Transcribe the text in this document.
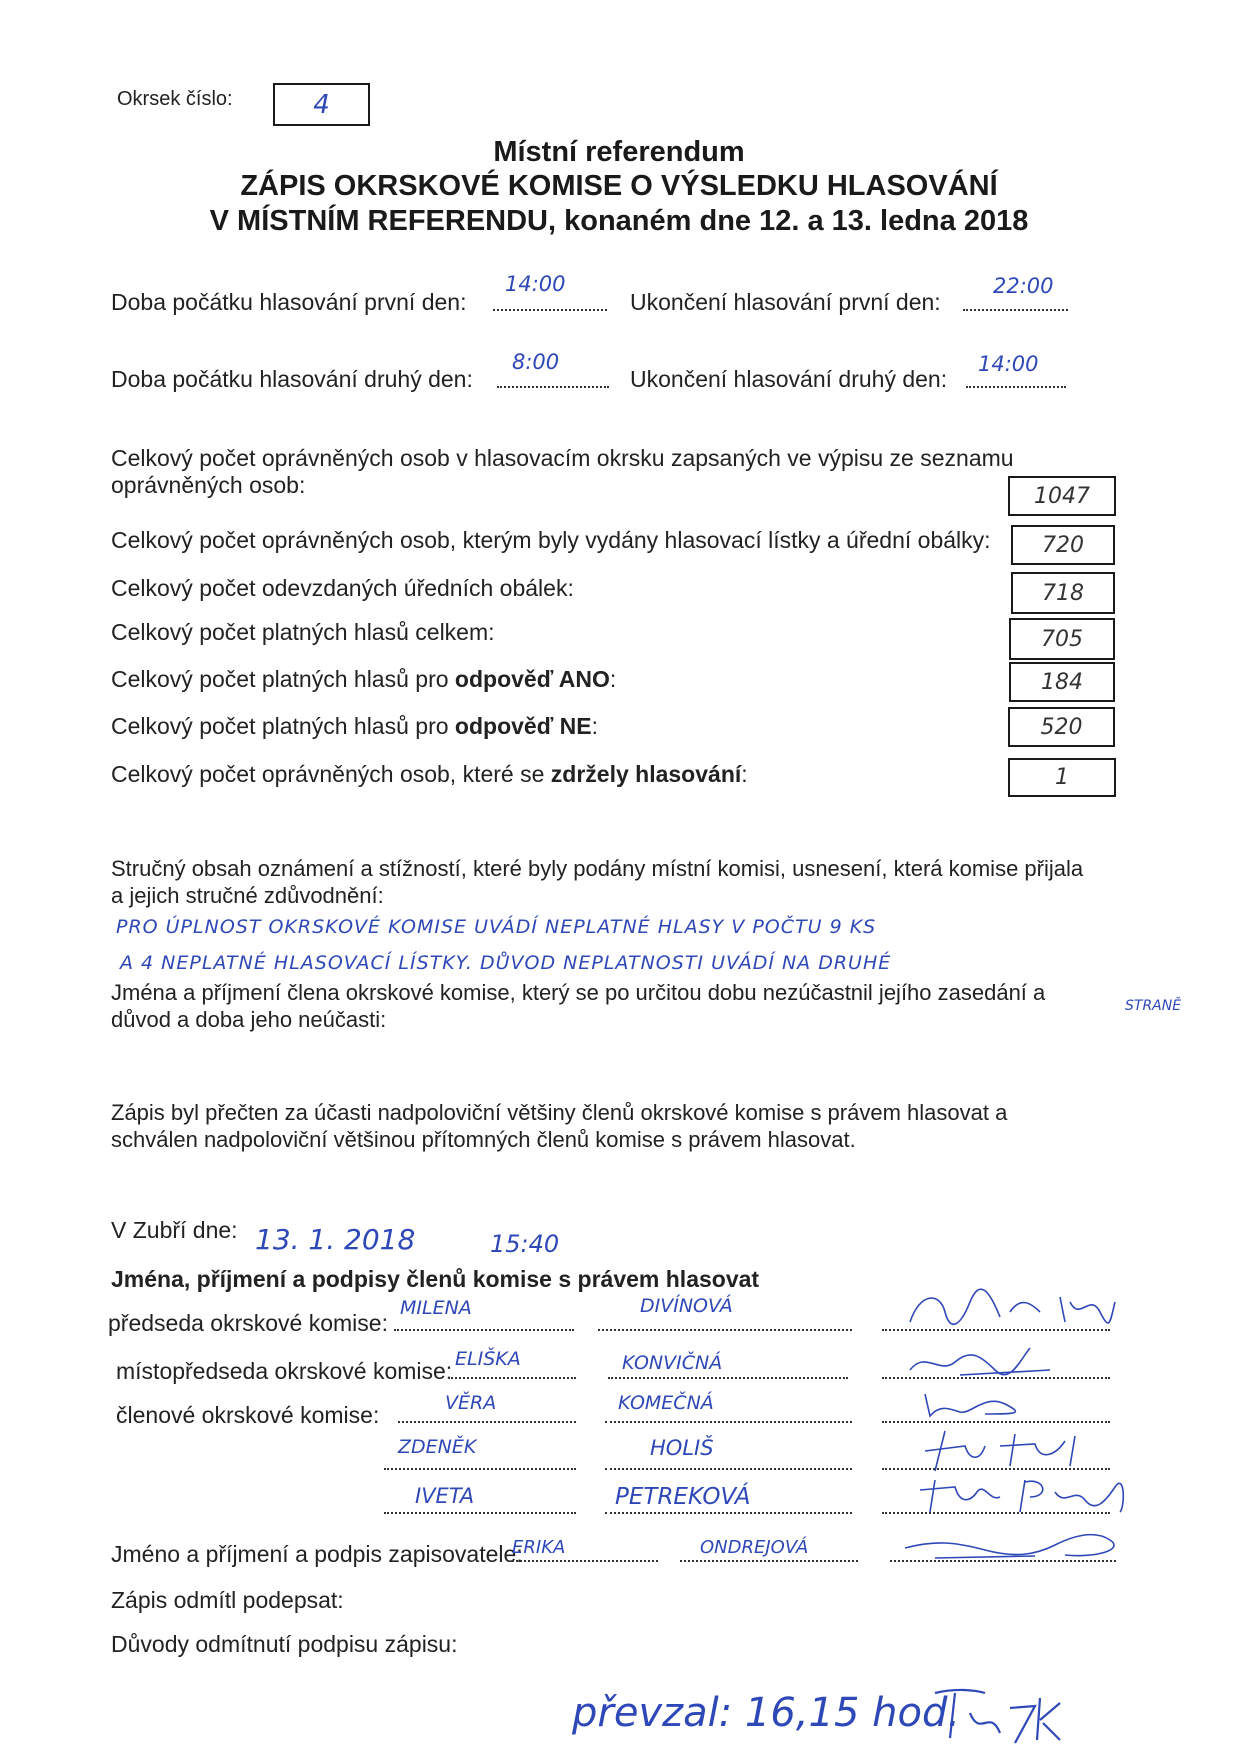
Okrsek číslo:	4
Místní referendum
ZÁPIS OKRSKOVÉ KOMISE O VÝSLEDKU HLASOVÁNÍ
V MÍSTNÍM REFERENDU, konaném dne 12. a 13. ledna 2018
Doba počátku hlasování první den:
14:00
Ukončení hlasování první den:
22:00
Doba počátku hlasování druhý den:
8:00
Ukončení hlasování druhý den:
14:00
Celkový počet oprávněných osob v hlasovacím okrsku zapsaných ve výpisu ze seznamu
oprávněných osob:	1047
Celkový počet oprávněných osob, kterým byly vydány hlasovací lístky a úřední obálky:	720
Celkový počet odevzdaných úředních obálek:	718
Celkový počet platných hlasů celkem:	705
Celkový počet platných hlasů pro odpověď ANO:	184
Celkový počet platných hlasů pro odpověď NE:	520
Celkový počet oprávněných osob, které se zdržely hlasování:	1
Stručný obsah oznámení a stížností, které byly podány místní komisi, usnesení, která komise přijala
a jejich stručné zdůvodnění:
PRO ÚPLNOST OKRSKOVÉ KOMISE UVÁDÍ NEPLATNÉ HLASY V POČTU 9 KS
A 4 NEPLATNÉ HLASOVACÍ LÍSTKY. DŮVOD NEPLATNOSTI UVÁDÍ NA DRUHÉ
STRANĚ
Jména a příjmení člena okrskové komise, který se po určitou dobu nezúčastnil jejího zasedání a
důvod a doba jeho neúčasti:
Zápis byl přečten za účasti nadpoloviční většiny členů okrskové komise s právem hlasovat a
schválen nadpoloviční většinou přítomných členů komise s právem hlasovat.
V Zubří dne: 13. 1. 2018	15:40
Jména, příjmení a podpisy členů komise s právem hlasovat
předseda okrskové komise:
MILENA	DIVÍNOVÁ
místopředseda okrskové komise: ELIŠKA	KONVIČNÁ
členové okrskové komise:	VĚRA	KOMEČNÁ
ZDENĚK	HOLIŠ
IVETA	PETREKOVÁ
Jméno a příjmení a podpis zapisovatele:
ERIKA	ONDREJOVÁ
Zápis odmítl podepsat:
Důvody odmítnutí podpisu zápisu:
převzal: 16,15 hod.
